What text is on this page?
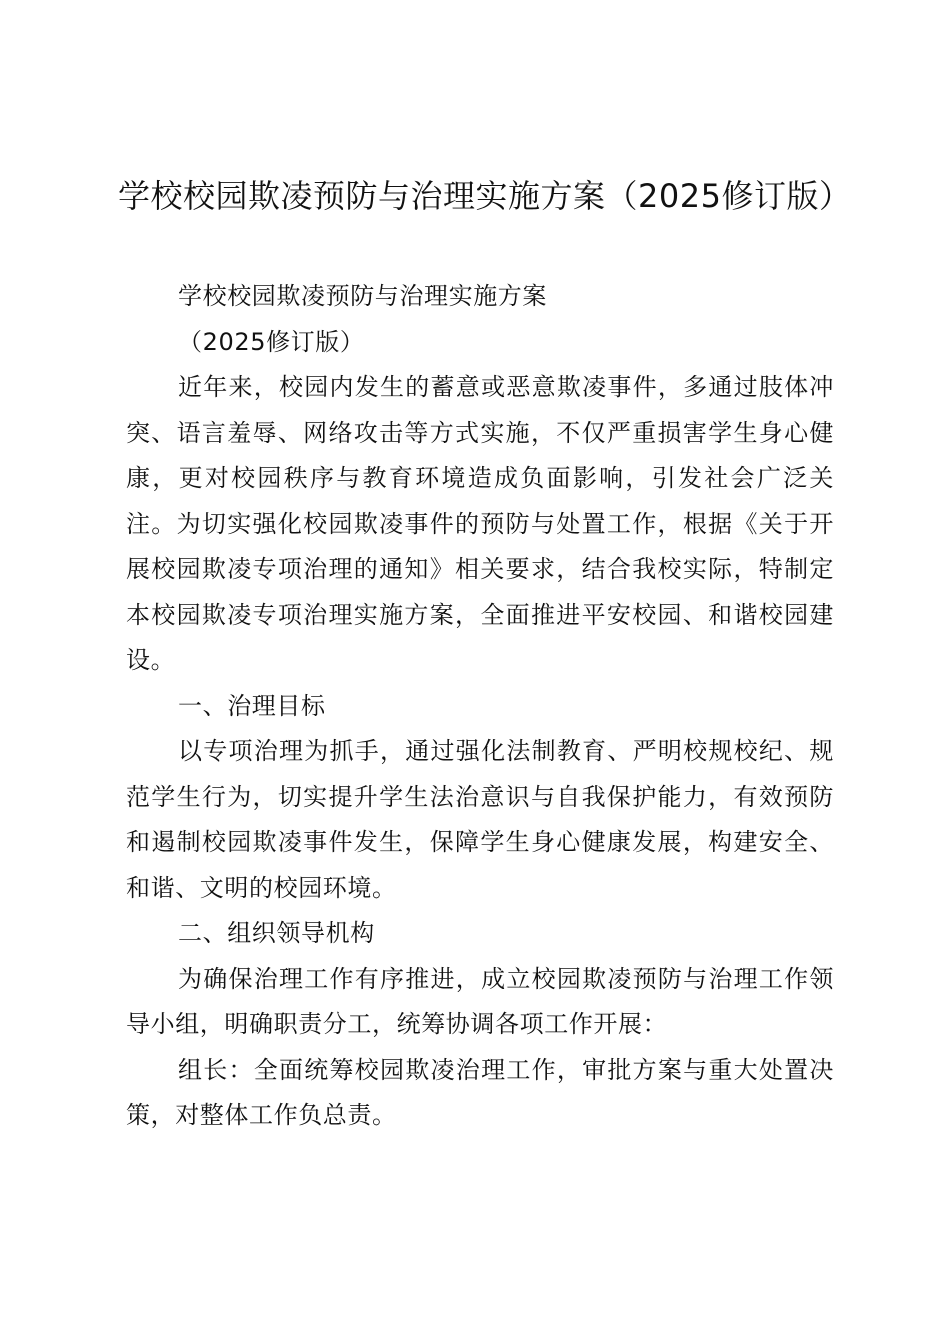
学校校园欺凌预防与治理实施方案（2025修订版）

学校校园欺凌预防与治理实施方案

（2025修订版）

近年来，校园内发生的蓄意或恶意欺凌事件，多通过肢体冲突、语言羞辱、网络攻击等方式实施，不仅严重损害学生身心健康，更对校园秩序与教育环境造成负面影响，引发社会广泛关注。为切实强化校园欺凌事件的预防与处置工作，根据《关于开展校园欺凌专项治理的通知》相关要求，结合我校实际，特制定本校园欺凌专项治理实施方案，全面推进平安校园、和谐校园建设。

一、治理目标

以专项治理为抓手，通过强化法制教育、严明校规校纪、规范学生行为，切实提升学生法治意识与自我保护能力，有效预防和遏制校园欺凌事件发生，保障学生身心健康发展，构建安全、和谐、文明的校园环境。

二、组织领导机构

为确保治理工作有序推进，成立校园欺凌预防与治理工作领导小组，明确职责分工，统筹协调各项工作开展：

组长：全面统筹校园欺凌治理工作，审批方案与重大处置决策，对整体工作负总责。
